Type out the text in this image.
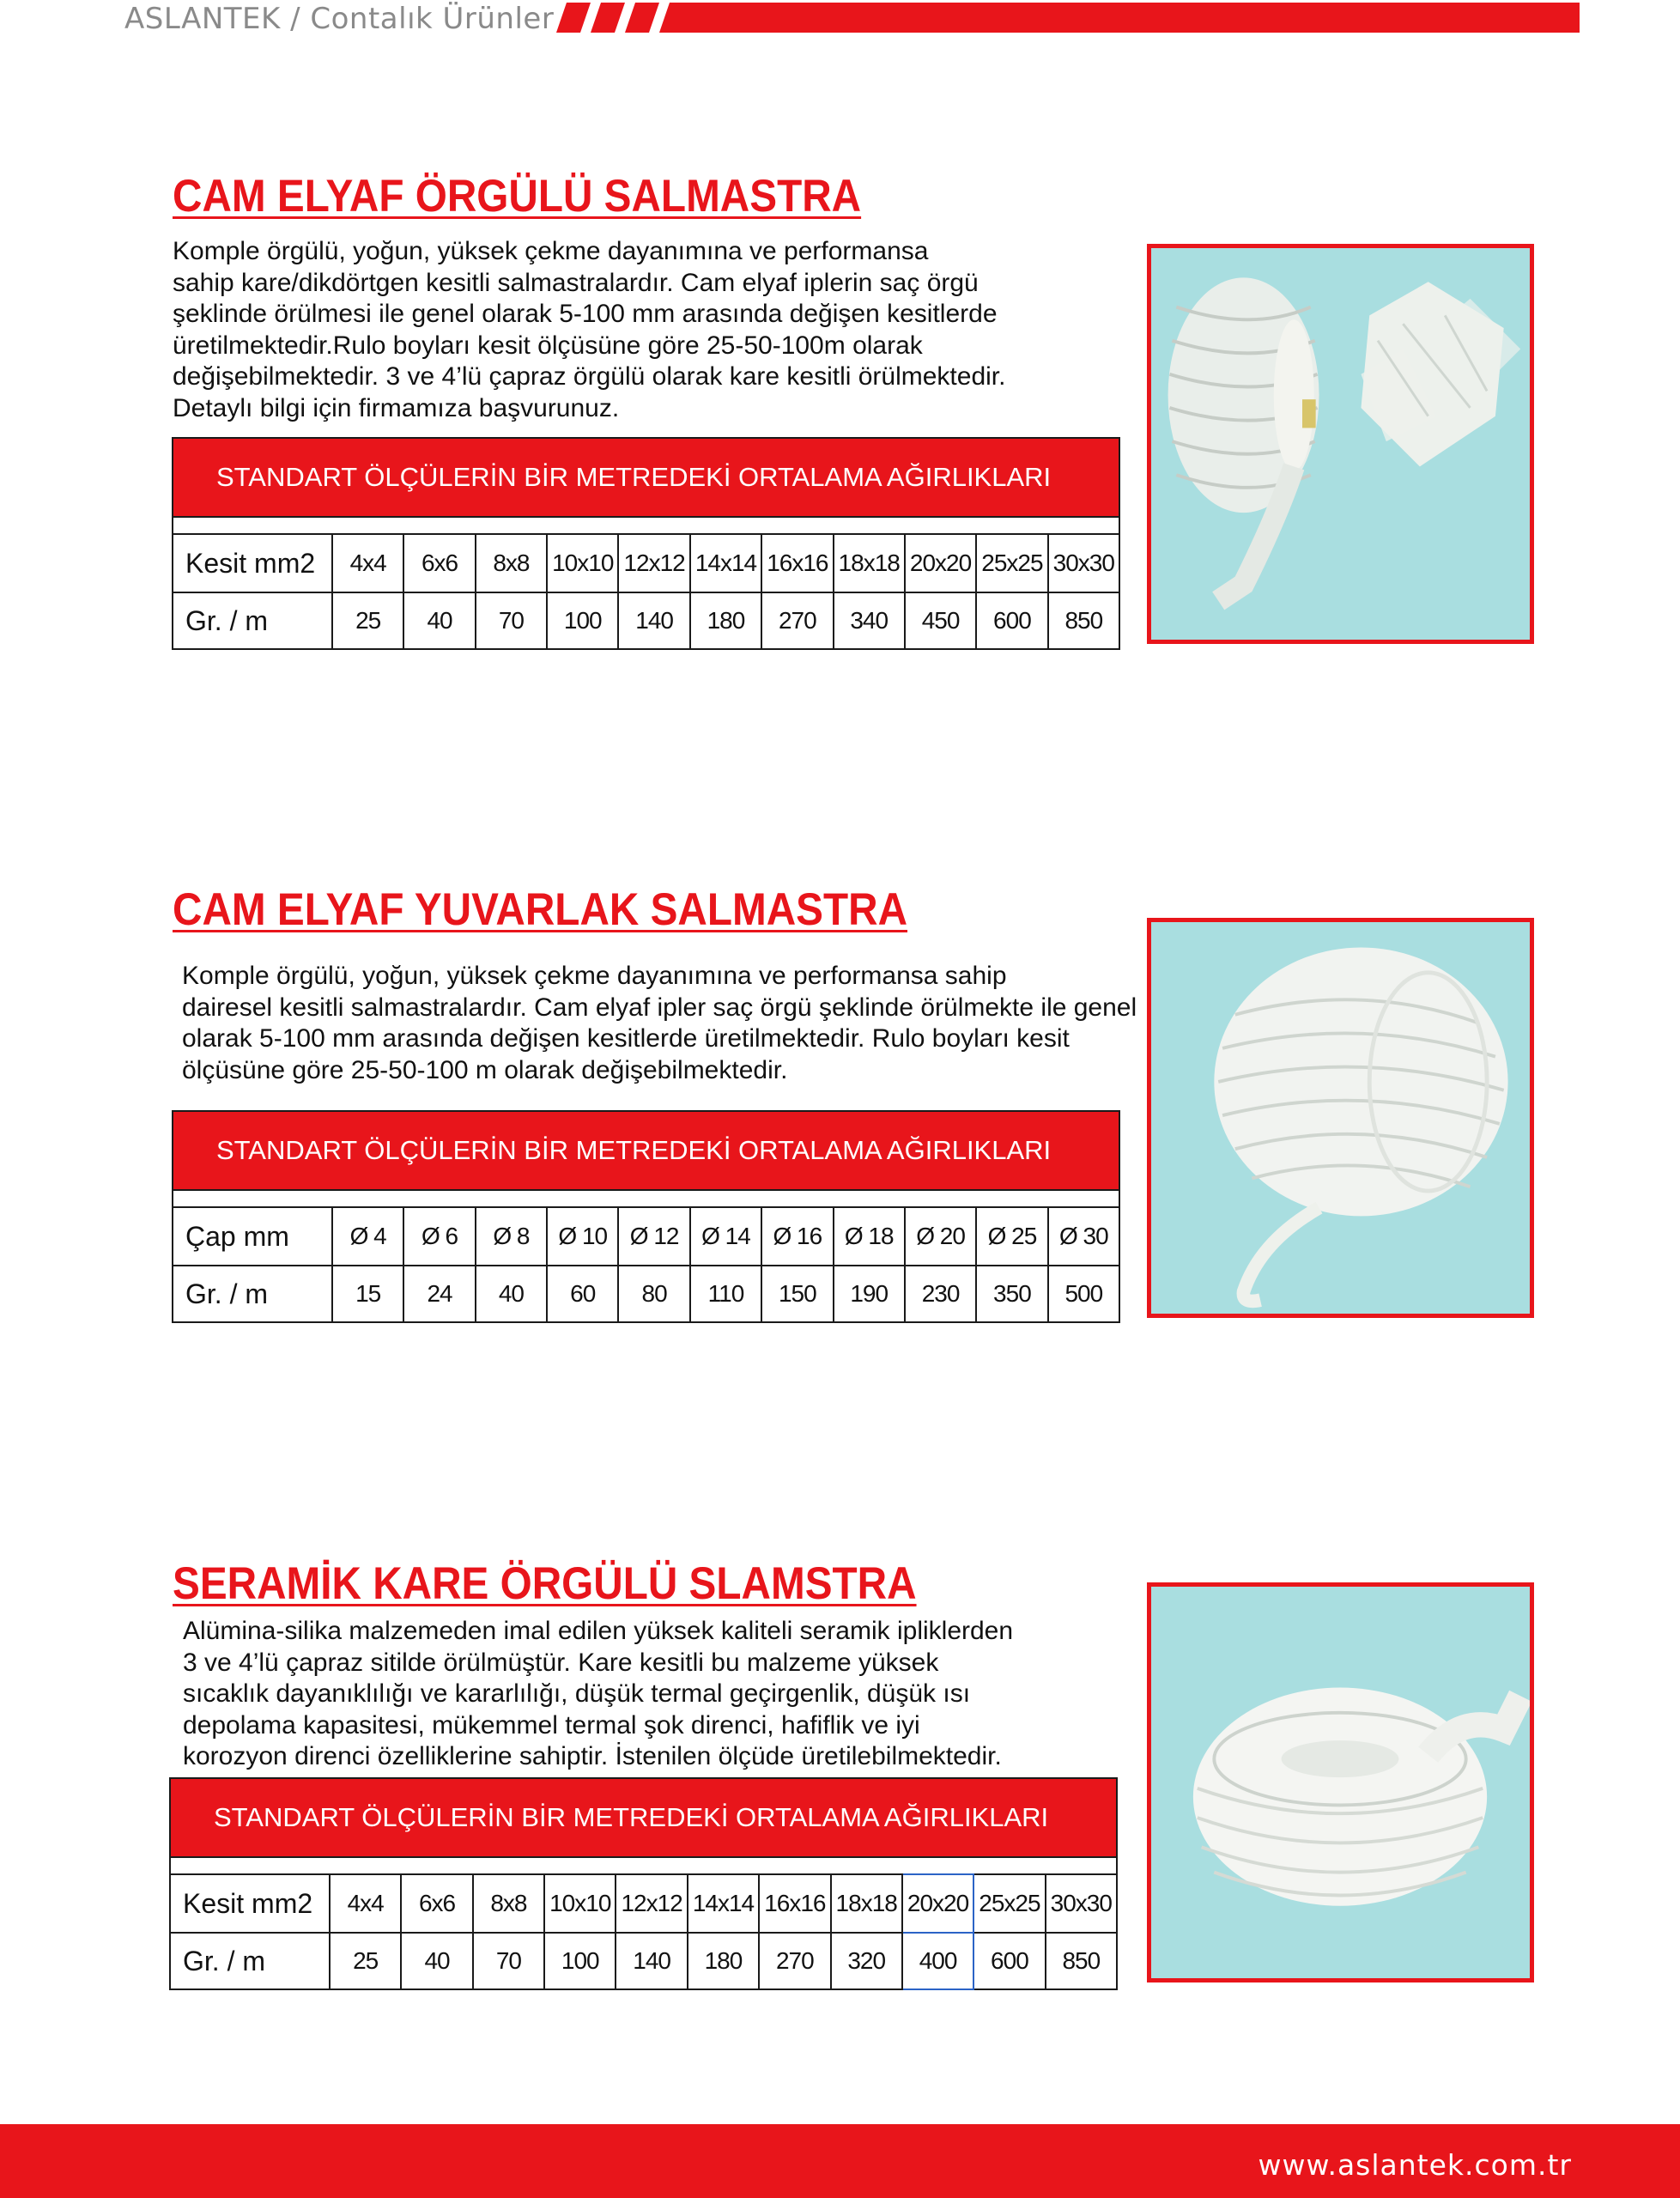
ASLANTEK / Contalık Ürünler
CAM ELYAF ÖRGÜLÜ SALMASTRA

Komple örgülü, yoğun, yüksek çekme dayanımına ve performansa

sahip kare/dikdörtgen kesitli salmastralardır. Cam elyaf iplerin saç örgü

şeklinde örülmesi ile genel olarak 5-100 mm arasında değişen kesitlerde

üretilmektedir.Rulo boyları kesit ölçüsüne göre 25-50-100m olarak

değişebilmektedir. 3 ve 4’lü çapraz örgülü olarak kare kesitli örülmektedir.

Detaylı bilgi için firmamıza başvurunuz.

STANDART ÖLÇÜLERİN BİR METREDEKİ ORTALAMA AĞIRLIKLARI											

Kesit mm2	4x4	6x6	8x8	10x10	12x12	14x14	16x16	18x18	20x20	25x25	30x30
Gr. / m	25	40	70	100	140	180	270	340	450	600	850
CAM ELYAF YUVARLAK SALMASTRA

Komple örgülü, yoğun, yüksek çekme dayanımına ve performansa sahip

dairesel kesitli salmastralardır. Cam elyaf ipler saç örgü şeklinde örülmekte ile genel

olarak 5-100 mm arasında değişen kesitlerde üretilmektedir. Rulo boyları kesit

ölçüsüne göre 25-50-100 m olarak değişebilmektedir.

STANDART ÖLÇÜLERİN BİR METREDEKİ ORTALAMA AĞIRLIKLARI											

Çap mm	Ø 4	Ø 6	Ø 8	Ø 10	Ø 12	Ø 14	Ø 16	Ø 18	Ø 20	Ø 25	Ø 30
Gr. / m	15	24	40	60	80	110	150	190	230	350	500
SERAMİK KARE ÖRGÜLÜ SLAMSTRA

Alümina-silika malzemeden imal edilen yüksek kaliteli seramik ipliklerden

3 ve 4’lü çapraz sitilde örülmüştür. Kare kesitli bu malzeme yüksek

sıcaklık dayanıklılığı ve kararlılığı, düşük termal geçirgenlik, düşük ısı

depolama kapasitesi, mükemmel termal şok direnci, hafiflik ve iyi

korozyon direnci özelliklerine sahiptir. İstenilen ölçüde üretilebilmektedir.

STANDART ÖLÇÜLERİN BİR METREDEKİ ORTALAMA AĞIRLIKLARI											

Kesit mm2	4x4	6x6	8x8	10x10	12x12	14x14	16x16	18x18	20x20	25x25	30x30
Gr. / m	25	40	70	100	140	180	270	320	400	600	850
www.aslantek.com.tr
